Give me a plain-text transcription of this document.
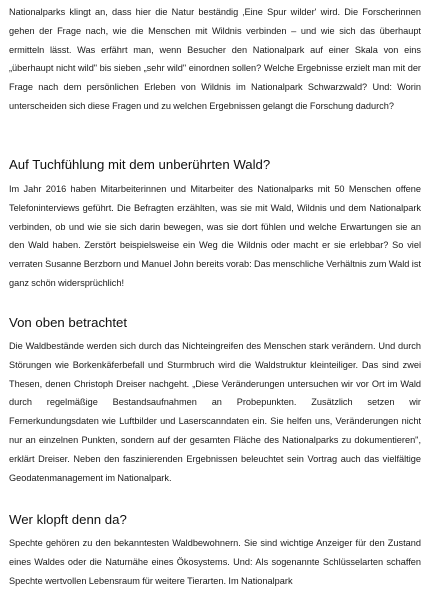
Nationalparks klingt an, dass hier die Natur beständig ‚Eine Spur wilder' wird. Die Forscherinnen gehen der Frage nach, wie die Menschen mit Wildnis verbinden – und wie sich das überhaupt ermitteln lässt. Was erfährt man, wenn Besucher den Nationalpark auf einer Skala von eins „überhaupt nicht wild" bis sieben „sehr wild" einordnen sollen? Welche Ergebnisse erzielt man mit der Frage nach dem persönlichen Erleben von Wildnis im Nationalpark Schwarzwald? Und: Worin unterscheiden sich diese Fragen und zu welchen Ergebnissen gelangt die Forschung dadurch?

Auf Tuchfühlung mit dem unberührten Wald?

Im Jahr 2016 haben Mitarbeiterinnen und Mitarbeiter des Nationalparks mit 50 Menschen offene Telefoninterviews geführt. Die Befragten erzählten, was sie mit Wald, Wildnis und dem Nationalpark verbinden, ob und wie sie sich darin bewegen, was sie dort fühlen und welche Erwartungen sie an den Wald haben. Zerstört beispielsweise ein Weg die Wildnis oder macht er sie erlebbar? So viel verraten Susanne Berzborn und Manuel John bereits vorab: Das menschliche Verhältnis zum Wald ist ganz schön widersprüchlich!

Von oben betrachtet

Die Waldbestände werden sich durch das Nichteingreifen des Menschen stark verändern. Und durch Störungen wie Borkenkäferbefall und Sturmbruch wird die Waldstruktur kleinteiliger. Das sind zwei Thesen, denen Christoph Dreiser nachgeht. „Diese Veränderungen untersuchen wir vor Ort im Wald durch regelmäßige Bestandsaufnahmen an Probepunkten. Zusätzlich setzen wir Fernerkundungsdaten wie Luftbilder und Laserscanndaten ein. Sie helfen uns, Veränderungen nicht nur an einzelnen Punkten, sondern auf der gesamten Fläche des Nationalparks zu dokumentieren", erklärt Dreiser. Neben den faszinierenden Ergebnissen beleuchtet sein Vortrag auch das vielfältige Geodatenmanagement im Nationalpark.

Wer klopft denn da?

Spechte gehören zu den bekanntesten Waldbewohnern. Sie sind wichtige Anzeiger für den Zustand eines Waldes oder die Naturnähe eines Ökosystems. Und: Als sogenannte Schlüsselarten schaffen Spechte wertvollen Lebensraum für weitere Tierarten. Im Nationalpark
